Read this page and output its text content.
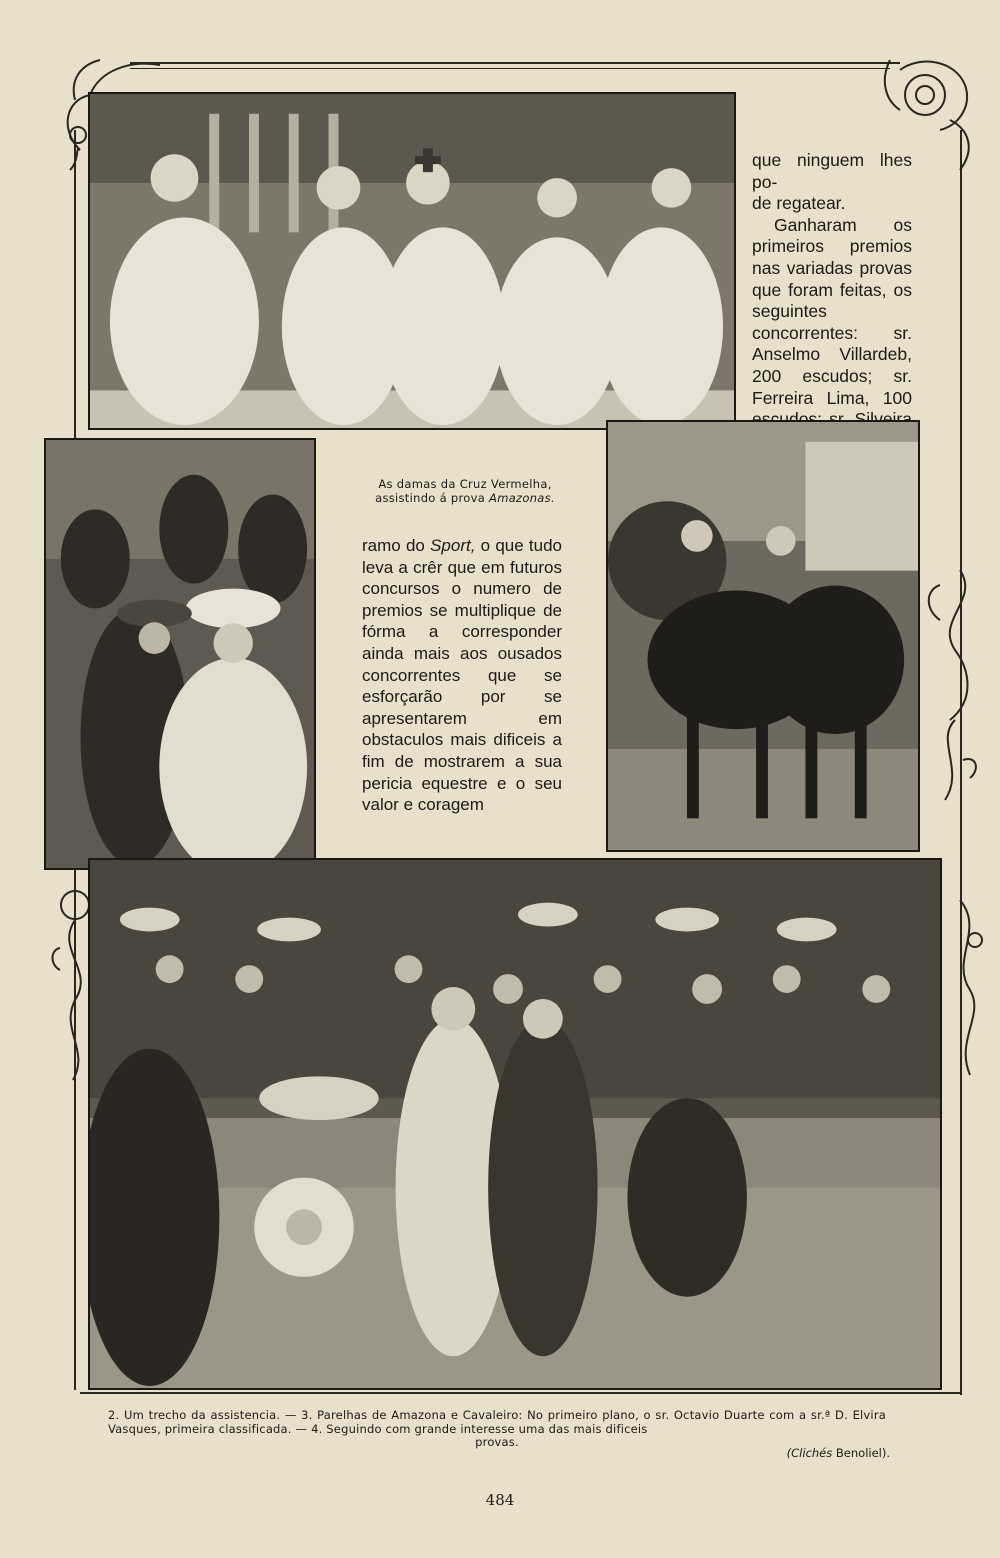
que ninguem lhes po-

de regatear.

Ganharam os primeiros premios nas variadas provas que foram feitas, os seguintes concorrentes: sr. Anselmo Villardeb, 200 escudos; sr. Ferreira Lima, 100

As damas da Cruz Vermelha,
assistindo á prova Amazonas.
ramo do Sport, o que tudo leva a crêr que em futuros concursos o numero de premios se multiplique de fórma a corresponder ainda mais aos ousados concorrentes que se esforçarão por se apresentarem em obstaculos mais dificeis a fim de mostrarem a sua pericia equestre e o seu valor e coragem
2. Um trecho da assistencia. — 3. Parelhas de Amazona e Cavaleiro: No primeiro plano, o sr. Octavio Duarte com a sr.ª D. Elvira Vasques, primeira classificada. — 4. Seguindo com grande interesse uma das mais dificeis
provas.
(Clichés Benoliel).
484
